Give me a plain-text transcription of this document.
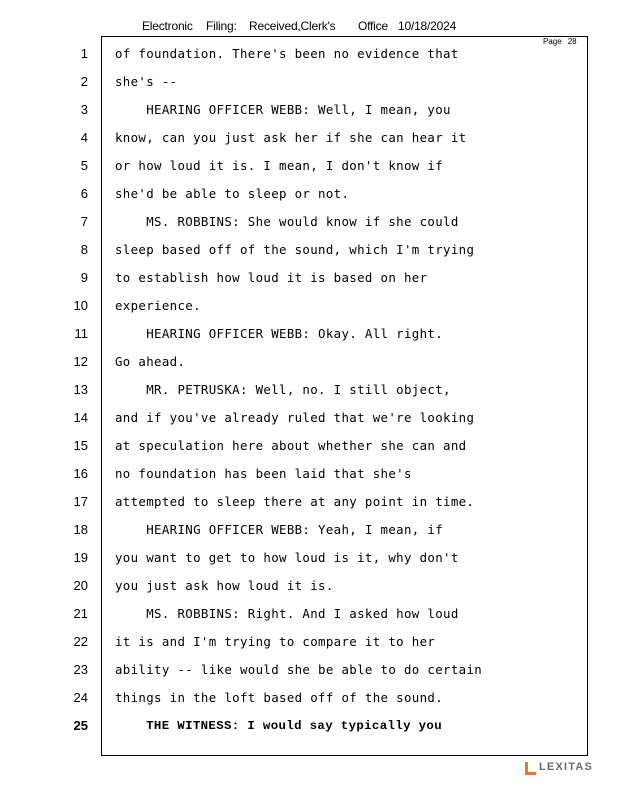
Electronic Filing: Received,Clerk's Office 10/18/2024
Page 28
1 of foundation. There's been no evidence that
2 she's --
3 HEARING OFFICER WEBB: Well, I mean, you
4 know, can you just ask her if she can hear it
5 or how loud it is. I mean, I don't know if
6 she'd be able to sleep or not.
7 MS. ROBBINS: She would know if she could
8 sleep based off of the sound, which I'm trying
9 to establish how loud it is based on her
10 experience.
11 HEARING OFFICER WEBB: Okay. All right.
12 Go ahead.
13 MR. PETRUSKA: Well, no. I still object,
14 and if you've already ruled that we're looking
15 at speculation here about whether she can and
16 no foundation has been laid that she's
17 attempted to sleep there at any point in time.
18 HEARING OFFICER WEBB: Yeah, I mean, if
19 you want to get to how loud is it, why don't
20 you just ask how loud it is.
21 MS. ROBBINS: Right. And I asked how loud
22 it is and I'm trying to compare it to her
23 ability -- like would she be able to do certain
24 things in the loft based off of the sound.
25 THE WITNESS: I would say typically you
LEXITAS
